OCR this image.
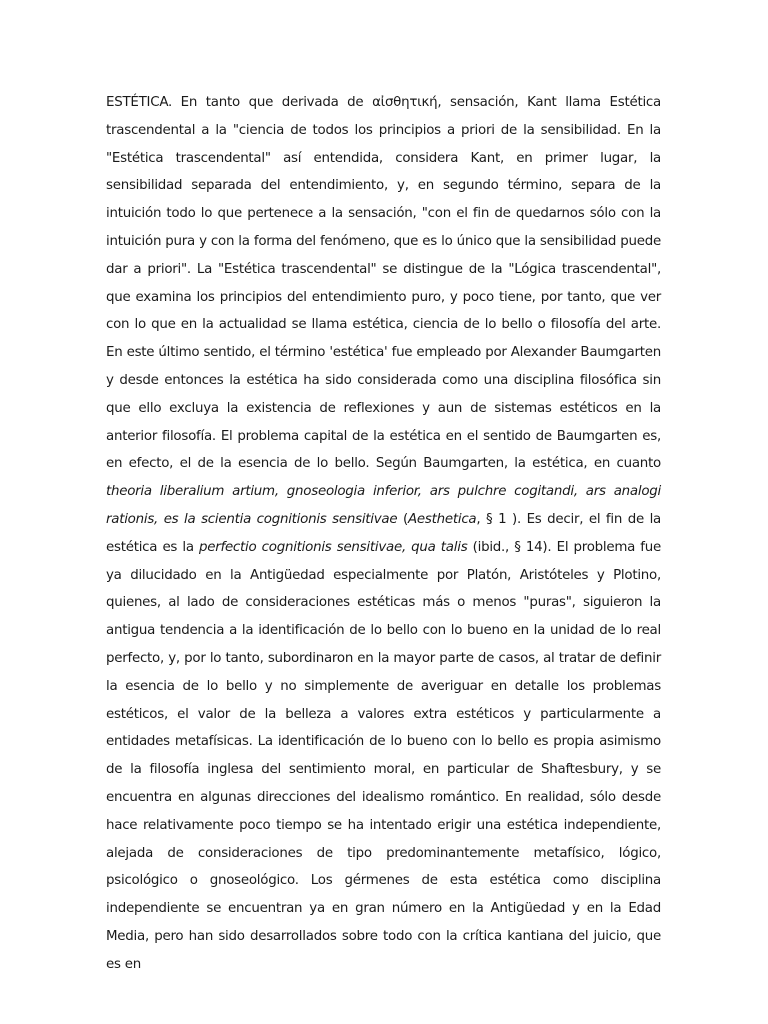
ESTÉTICA. En tanto que derivada de αἰσθητική, sensación, Kant llama Estética trascendental a la "ciencia de todos los principios a priori de la sensibilidad. En la "Estética trascendental" así entendida, considera Kant, en primer lugar, la sensibilidad separada del entendimiento, y, en segundo término, separa de la intuición todo lo que pertenece a la sensación, "con el fin de quedarnos sólo con la intuición pura y con la forma del fenómeno, que es lo único que la sensibilidad puede dar a priori". La "Estética trascendental" se distingue de la "Lógica trascendental", que examina los principios del entendimiento puro, y poco tiene, por tanto, que ver con lo que en la actualidad se llama estética, ciencia de lo bello o filosofía del arte. En este último sentido, el término 'estética' fue empleado por Alexander Baumgarten y desde entonces la estética ha sido considerada como una disciplina filosófica sin que ello excluya la existencia de reflexiones y aun de sistemas estéticos en la anterior filosofía. El problema capital de la estética en el sentido de Baumgarten es, en efecto, el de la esencia de lo bello. Según Baumgarten, la estética, en cuanto theoria liberalium artium, gnoseologia inferior, ars pulchre cogitandi, ars analogi rationis, es la scientia cognitionis sensitivae (Aesthetica, § 1 ). Es decir, el fin de la estética es la perfectio cognitionis sensitivae, qua talis (ibid., § 14). El problema fue ya dilucidado en la Antigüedad especialmente por Platón, Aristóteles y Plotino, quienes, al lado de consideraciones estéticas más o menos "puras", siguieron la antigua tendencia a la identificación de lo bello con lo bueno en la unidad de lo real perfecto, y, por lo tanto, subordinaron en la mayor parte de casos, al tratar de definir la esencia de lo bello y no simplemente de averiguar en detalle los problemas estéticos, el valor de la belleza a valores extra estéticos y particularmente a entidades metafísicas. La identificación de lo bueno con lo bello es propia asimismo de la filosofía inglesa del sentimiento moral, en particular de Shaftesbury, y se encuentra en algunas direcciones del idealismo romántico. En realidad, sólo desde hace relativamente poco tiempo se ha intentado erigir una estética independiente, alejada de consideraciones de tipo predominantemente metafísico, lógico, psicológico o gnoseológico. Los gérmenes de esta estética como disciplina independiente se encuentran ya en gran número en la Antigüedad y en la Edad Media, pero han sido desarrollados sobre todo con la crítica kantiana del juicio, que es en
